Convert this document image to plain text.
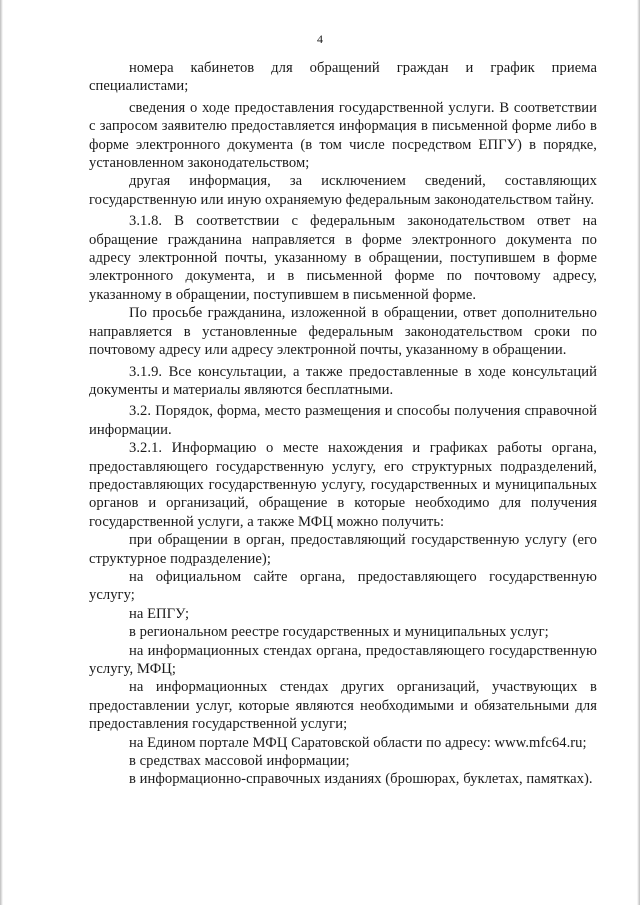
4

номера кабинетов для обращений граждан и график приема специалистами;

сведения о ходе предоставления государственной услуги. В соответствии с запросом заявителю предоставляется информация в письменной форме либо в форме электронного документа (в том числе посредством ЕПГУ) в порядке, установленном законодательством;

другая информация, за исключением сведений, составляющих государственную или иную охраняемую федеральным законодательством тайну.

3.1.8. В соответствии с федеральным законодательством ответ на обращение гражданина направляется в форме электронного документа по адресу электронной почты, указанному в обращении, поступившем в форме электронного документа, и в письменной форме по почтовому адресу, указанному в обращении, поступившем в письменной форме.

По просьбе гражданина, изложенной в обращении, ответ дополнительно направляется в установленные федеральным законодательством сроки по почтовому адресу или адресу электронной почты, указанному в обращении.

3.1.9. Все консультации, а также предоставленные в ходе консультаций документы и материалы являются бесплатными.

3.2. Порядок, форма, место размещения и способы получения справочной информации.

3.2.1. Информацию о месте нахождения и графиках работы органа, предоставляющего государственную услугу, его структурных подразделений, предоставляющих государственную услугу, государственных и муниципальных органов и организаций, обращение в которые необходимо для получения государственной услуги, а также МФЦ можно получить:

при обращении в орган, предоставляющий государственную услугу (его структурное подразделение);

на официальном сайте органа, предоставляющего государственную услугу;

на ЕПГУ;

в региональном реестре государственных и муниципальных услуг;

на информационных стендах органа, предоставляющего государственную услугу, МФЦ;

на информационных стендах других организаций, участвующих в предоставлении услуг, которые являются необходимыми и обязательными для предоставления государственной услуги;

на Едином портале МФЦ Саратовской области по адресу: www.mfc64.ru;

в средствах массовой информации;

в информационно-справочных изданиях (брошюрах, буклетах, памятках).
